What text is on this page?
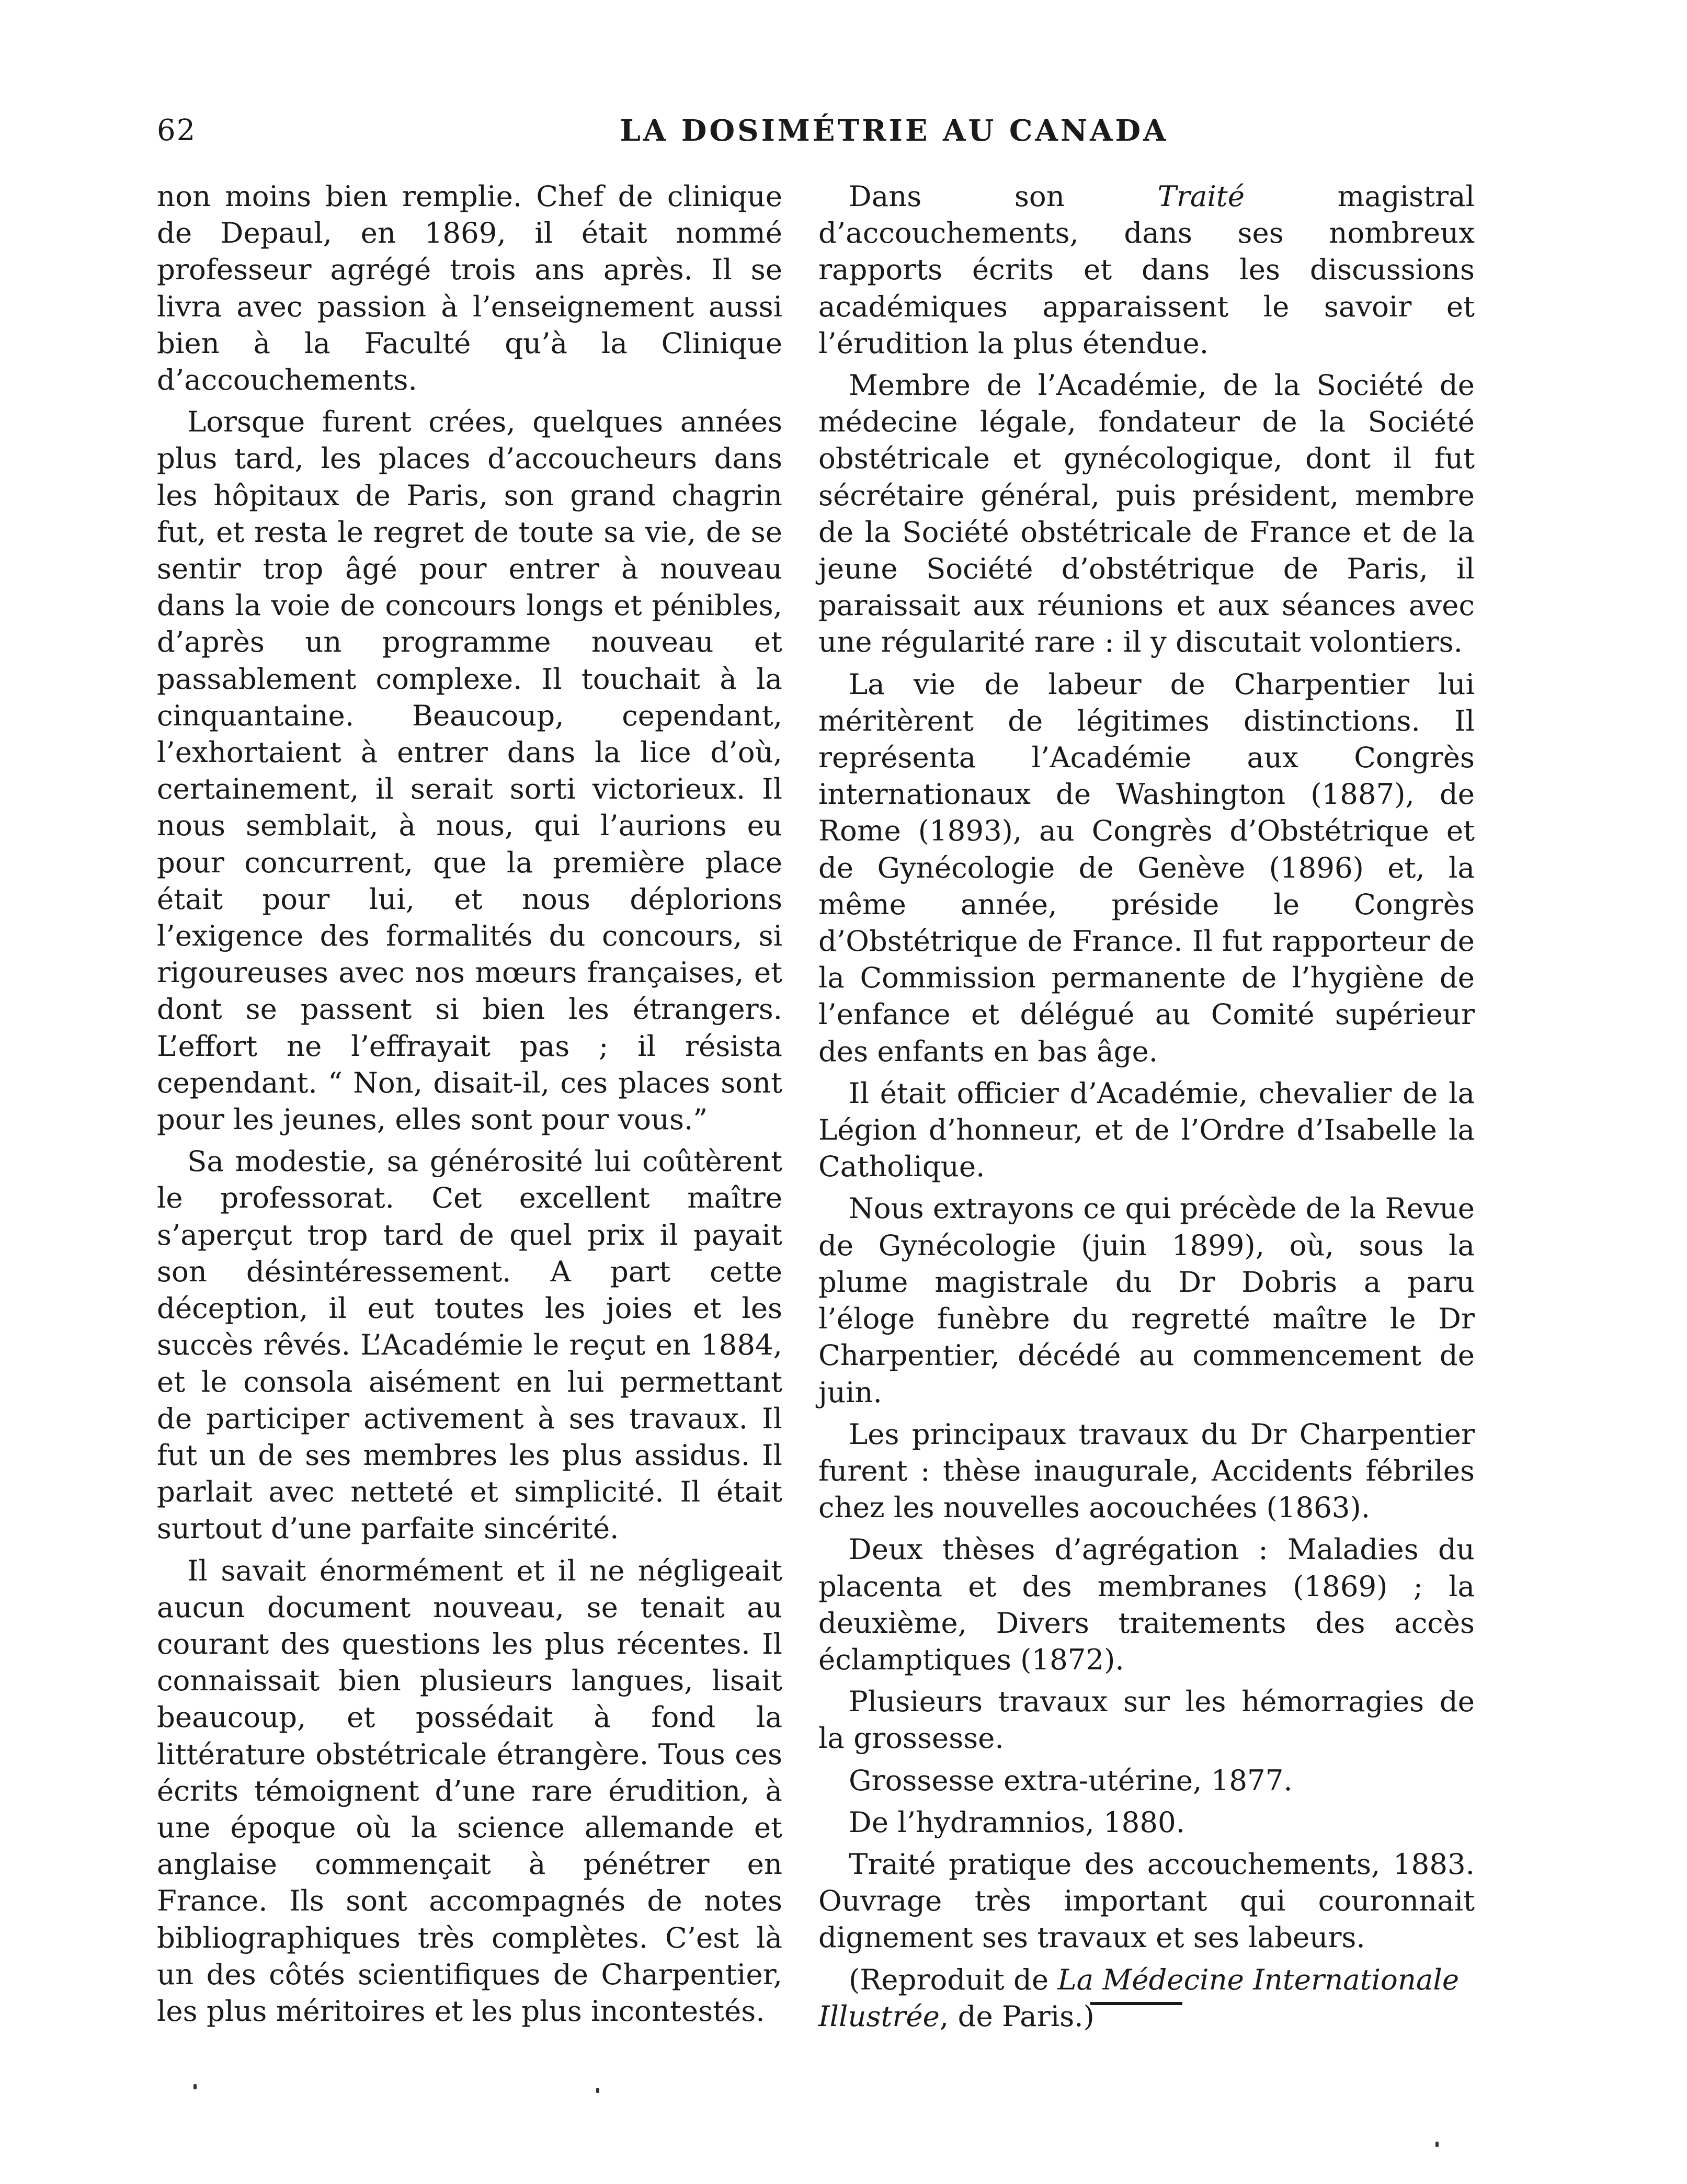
62	LA DOSIMÉTRIE AU CANADA

non moins bien remplie. Chef de clinique de Depaul, en 1869, il était nommé professeur agrégé trois ans après. Il se livra avec passion à l’enseignement aussi bien à la Faculté qu’à la Clinique d’accouchements.

Lorsque furent crées, quelques années plus tard, les places d’accoucheurs dans les hôpitaux de Paris, son grand chagrin fut, et resta le regret de toute sa vie, de se sentir trop âgé pour entrer à nouveau dans la voie de concours longs et pénibles, d’après un programme nouveau et passablement complexe. Il touchait à la cinquantaine. Beaucoup, cependant, l’exhortaient à entrer dans la lice d’où, certainement, il serait sorti victorieux. Il nous semblait, à nous, qui l’aurions eu pour concurrent, que la première place était pour lui, et nous déplorions l’exigence des formalités du concours, si rigoureuses avec nos mœurs françaises, et dont se passent si bien les étrangers. L’effort ne l’effrayait pas ; il résista cependant. “ Non, disait-il, ces places sont pour les jeunes, elles sont pour vous.”

Sa modestie, sa générosité lui coûtèrent le professorat. Cet excellent maître s’aperçut trop tard de quel prix il payait son désintéressement. A part cette déception, il eut toutes les joies et les succès rêvés. L’Académie le reçut en 1884, et le consola aisément en lui permettant de participer activement à ses travaux. Il fut un de ses membres les plus assidus. Il parlait avec netteté et simplicité. Il était surtout d’une parfaite sincérité.

Il savait énormément et il ne négligeait aucun document nouveau, se tenait au courant des questions les plus récentes. Il connaissait bien plusieurs langues, lisait beaucoup, et possédait à fond la littérature obstétricale étrangère. Tous ces écrits témoignent d’une rare érudition, à une époque où la science allemande et anglaise commençait à pénétrer en France. Ils sont accompagnés de notes bibliographiques très complètes. C’est là un des côtés scientifiques de Charpentier, les plus méritoires et les plus incontestés.

Dans son Traité magistral d’accouchements, dans ses nombreux rapports écrits et dans les discussions académiques apparaissent le savoir et l’érudition la plus étendue.

Membre de l’Académie, de la Société de médecine légale, fondateur de la Société obstétricale et gynécologique, dont il fut sécrétaire général, puis président, membre de la Société obstétricale de France et de la jeune Société d’obstétrique de Paris, il paraissait aux réunions et aux séances avec une régularité rare : il y discutait volontiers.

La vie de labeur de Charpentier lui méritèrent de légitimes distinctions. Il représenta l’Académie aux Congrès internationaux de Washington (1887), de Rome (1893), au Congrès d’Obstétrique et de Gynécologie de Genève (1896) et, la même année, préside le Congrès d’Obstétrique de France. Il fut rapporteur de la Commission permanente de l’hygiène de l’enfance et délégué au Comité supérieur des enfants en bas âge.

Il était officier d’Académie, chevalier de la Légion d’honneur, et de l’Ordre d’Isabelle la Catholique.

Nous extrayons ce qui précède de la Revue de Gynécologie (juin 1899), où, sous la plume magistrale du Dr Dobris a paru l’éloge funèbre du regretté maître le Dr Charpentier, décédé au commencement de juin.

Les principaux travaux du Dr Charpentier furent : thèse inaugurale, Accidents fébriles chez les nouvelles aocouchées (1863).

Deux thèses d’agrégation : Maladies du placenta et des membranes (1869) ; la deuxième, Divers traitements des accès éclamptiques (1872).

Plusieurs travaux sur les hémorragies de la grossesse.

Grossesse extra-utérine, 1877.

De l’hydramnios, 1880.

Traité pratique des accouchements, 1883. Ouvrage très important qui couronnait dignement ses travaux et ses labeurs.

(Reproduit de La Médecine Internationale Illustrée, de Paris.)
